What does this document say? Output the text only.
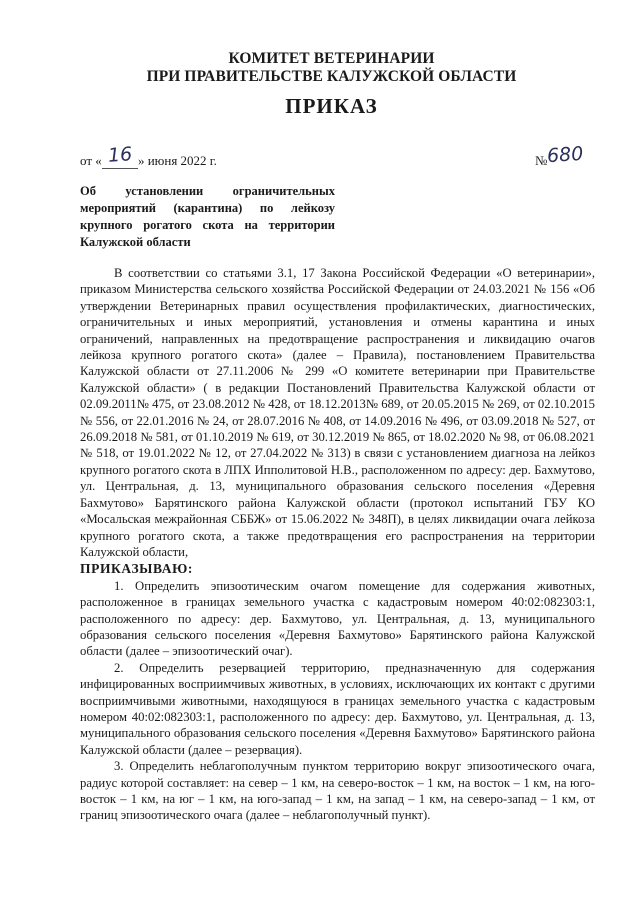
КОМИТЕТ ВЕТЕРИНАРИИ
ПРИ ПРАВИТЕЛЬСТВЕ КАЛУЖСКОЙ ОБЛАСТИ
ПРИКАЗ
от « 16 » июня 2022 г.	№680
Об установлении ограничительных мероприятий (карантина) по лейкозу крупного рогатого скота на территории Калужской области

В соответствии со статьями 3.1, 17 Закона Российской Федерации «О ветеринарии», приказом Министерства сельского хозяйства Российской Федерации от 24.03.2021 № 156 «Об утверждении Ветеринарных правил осуществления профилактических, диагностических, ограничительных и иных мероприятий, установления и отмены карантина и иных ограничений, направленных на предотвращение распространения и ликвидацию очагов лейкоза крупного рогатого скота» (далее – Правила), постановлением Правительства Калужской области от 27.11.2006 № 299 «О комитете ветеринарии при Правительстве Калужской области» ( в редакции Постановлений Правительства Калужской области от 02.09.2011№ 475, от 23.08.2012 № 428, от 18.12.2013№ 689, от 20.05.2015 № 269, от 02.10.2015 № 556, от 22.01.2016 № 24, от 28.07.2016 № 408, от 14.09.2016 № 496, от 03.09.2018 № 527, от 26.09.2018 № 581, от 01.10.2019 № 619, от 30.12.2019 № 865, от 18.02.2020 № 98, от 06.08.2021 № 518, от 19.01.2022 № 12, от 27.04.2022 № 313) в связи с установлением диагноза на лейкоз крупного рогатого скота в ЛПХ Ипполитовой Н.В., расположенном по адресу: дер. Бахмутово, ул. Центральная, д. 13, муниципального образования сельского поселения «Деревня Бахмутово» Барятинского района Калужской области (протокол испытаний ГБУ КО «Мосальская межрайонная СББЖ» от 15.06.2022 № 348П), в целях ликвидации очага лейкоза крупного рогатого скота, а также предотвращения его распространения на территории Калужской области,

ПРИКАЗЫВАЮ:

1. Определить эпизоотическим очагом помещение для содержания животных, расположенное в границах земельного участка с кадастровым номером 40:02:082303:1, расположенного по адресу: дер. Бахмутово, ул. Центральная, д. 13, муниципального образования сельского поселения «Деревня Бахмутово» Барятинского района Калужской области (далее – эпизоотический очаг).

2. Определить резервацией территорию, предназначенную для содержания инфицированных восприимчивых животных, в условиях, исключающих их контакт с другими восприимчивыми животными, находящуюся в границах земельного участка с кадастровым номером 40:02:082303:1, расположенного по адресу: дер. Бахмутово, ул. Центральная, д. 13, муниципального образования сельского поселения «Деревня Бахмутово» Барятинского района Калужской области (далее – резервация).

3. Определить неблагополучным пунктом территорию вокруг эпизоотического очага, радиус которой составляет: на север – 1 км, на северо-восток – 1 км, на восток – 1 км, на юго-восток – 1 км, на юг – 1 км, на юго-запад – 1 км, на запад – 1 км, на северо-запад – 1 км, от границ эпизоотического очага (далее – неблагополучный пункт).
